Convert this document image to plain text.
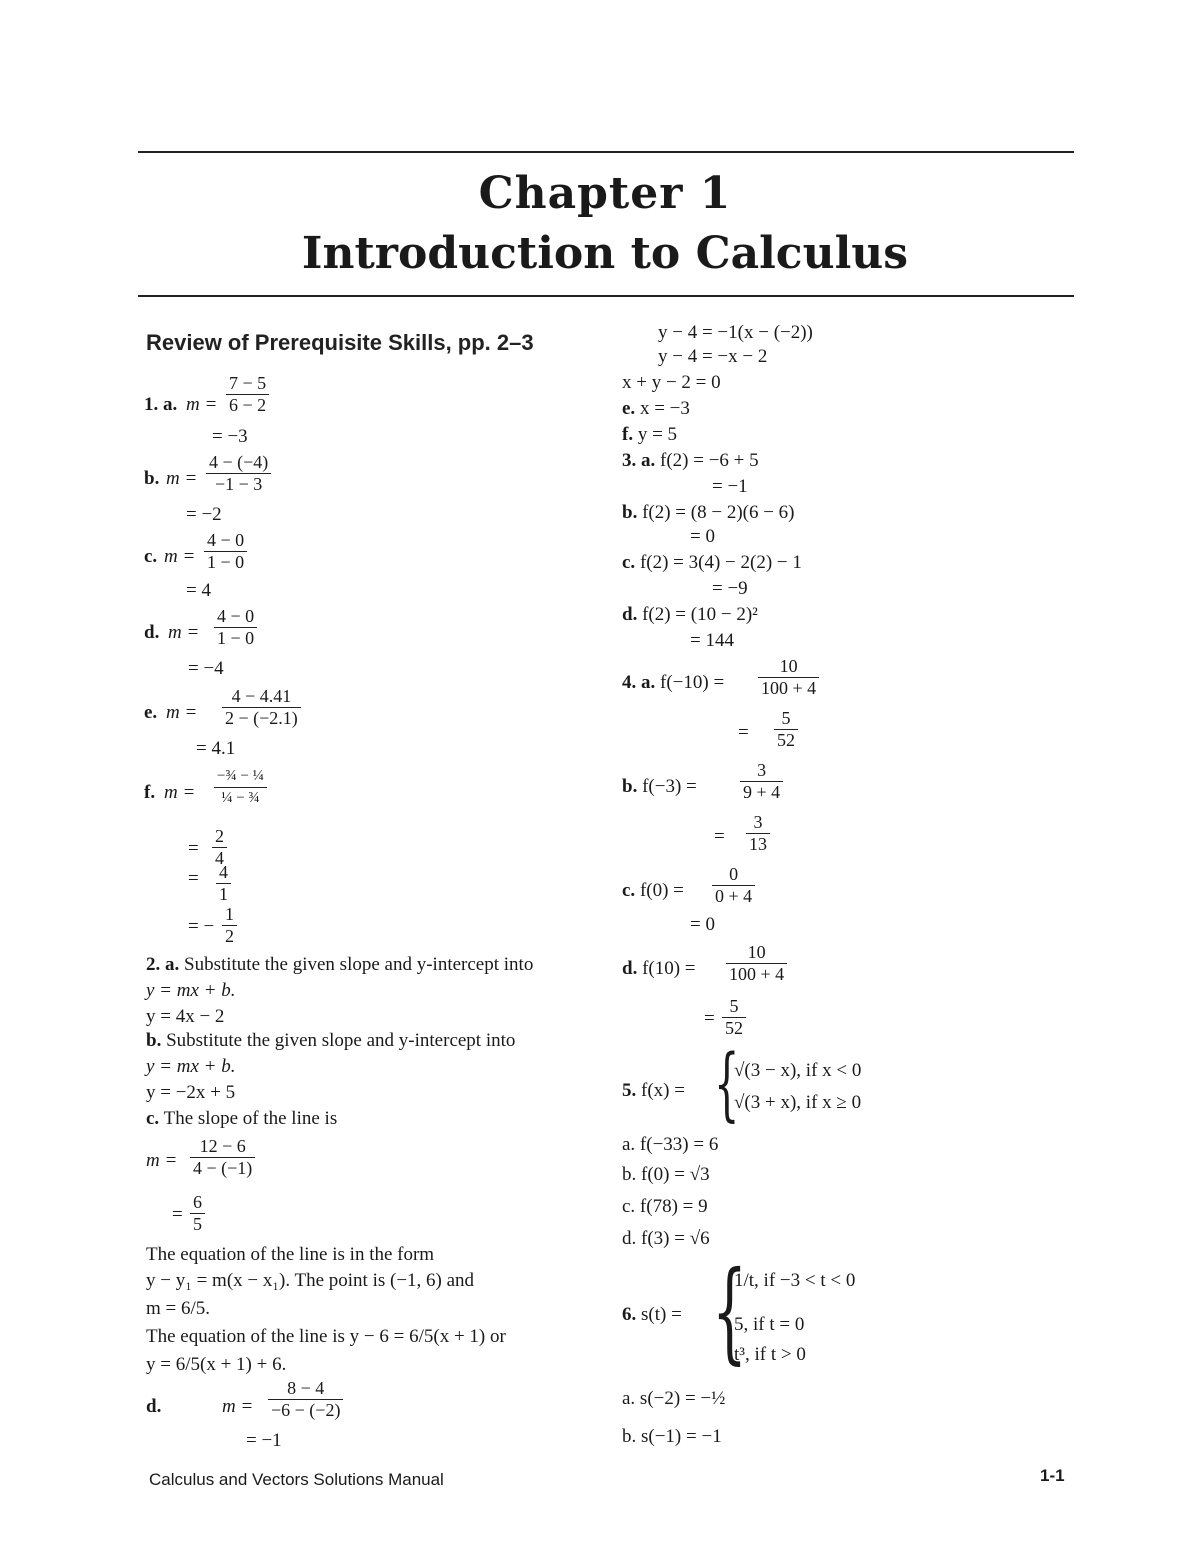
Chapter 1
Introduction to Calculus
Review of Prerequisite Skills, pp. 2–3
1. a. $m = \frac{7 - 5}{6 - 2}$
= −3
b. $m = \frac{4 - (-4)}{-1 - 3}$
= −2
c. $m = \frac{4 - 0}{1 - 0}$
= 4
d. $m = \frac{4 - 0}{1 - 0}$
= −4
e. $m = \frac{4 - 4.41}{2 - (-2.1)}$
= 4.1
f. m =
−¾ − ¼
¼ − ¾
= $\frac{2}{4}$
= $\frac{4}{1}$
= − $\frac{1}{2}$
2. a. Substitute the given slope and y-intercept into
y = mx + b.
y = 4x − 2
b. Substitute the given slope and y-intercept into
y = mx + b.
y = −2x + 5
c. The slope of the line is
$m = \frac{12 - 6}{4 - (-1)}$
= $\frac{6}{5}$
The equation of the line is in the form
y − y₁ = m(x − x₁). The point is (−1, 6) and
m = 6/5.
The equation of the line is y − 6 = 6/5(x + 1) or
y = 6/5(x + 1) + 6.
d.	$m = \frac{8 - 4}{-6 - (-2)}$
= −1
y − 4 = −1(x − (−2))
y − 4 = −x − 2
x + y − 2 = 0
e. x = −3
f. y = 5
3. a. f(2) = −6 + 5
= −1
b. f(2) = (8 − 2)(6 − 6)
= 0
c. f(2) = 3(4) − 2(2) − 1
= −9
d. f(2) = (10 − 2)²
= 144
4. a. $f(-10) = \frac{10}{100 + 4}$
= $\frac{5}{52}$
b. $f(-3) = \frac{3}{9 + 4}$
= $\frac{3}{13}$
c. $f(0) = \frac{0}{0 + 4}$
= 0
d. $f(10) = \frac{10}{100 + 4}$
= $\frac{5}{52}$
5. f(x) = {
√(3 − x), if x < 0
√(3 + x), if x ≥ 0
a. f(−33) = 6
b. f(0) = √3
c. f(78) = 9
d. f(3) = √6
6. s(t) = {
1/t, if −3 < t < 0
5, if t = 0
t³, if t > 0
a. s(−2) = −½
b. s(−1) = −1
Calculus and Vectors Solutions Manual	1-1
